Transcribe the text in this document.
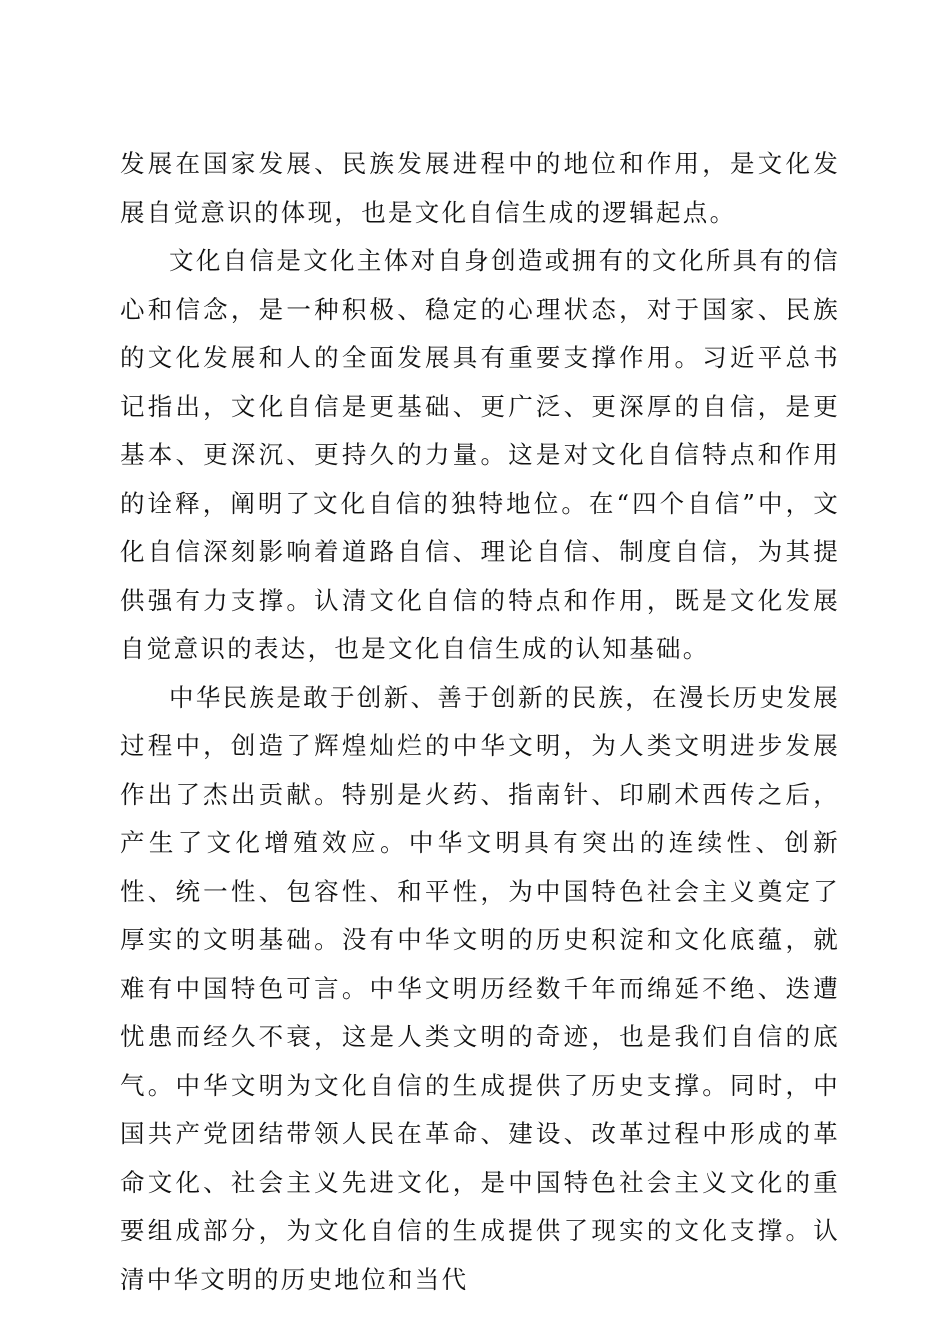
发展在国家发展、民族发展进程中的地位和作用，是文化发展自觉意识的体现，也是文化自信生成的逻辑起点。

文化自信是文化主体对自身创造或拥有的文化所具有的信心和信念，是一种积极、稳定的心理状态，对于国家、民族的文化发展和人的全面发展具有重要支撑作用。习近平总书记指出，文化自信是更基础、更广泛、更深厚的自信，是更基本、更深沉、更持久的力量。这是对文化自信特点和作用的诠释，阐明了文化自信的独特地位。在“四个自信”中，文化自信深刻影响着道路自信、理论自信、制度自信，为其提供强有力支撑。认清文化自信的特点和作用，既是文化发展自觉意识的表达，也是文化自信生成的认知基础。

中华民族是敢于创新、善于创新的民族，在漫长历史发展过程中，创造了辉煌灿烂的中华文明，为人类文明进步发展作出了杰出贡献。特别是火药、指南针、印刷术西传之后，产生了文化增殖效应。中华文明具有突出的连续性、创新性、统一性、包容性、和平性，为中国特色社会主义奠定了厚实的文明基础。没有中华文明的历史积淀和文化底蕴，就难有中国特色可言。中华文明历经数千年而绵延不绝、迭遭忧患而经久不衰，这是人类文明的奇迹，也是我们自信的底气。中华文明为文化自信的生成提供了历史支撑。同时，中国共产党团结带领人民在革命、建设、改革过程中形成的革命文化、社会主义先进文化，是中国特色社会主义文化的重要组成部分，为文化自信的生成提供了现实的文化支撑。认清中华文明的历史地位和当代
